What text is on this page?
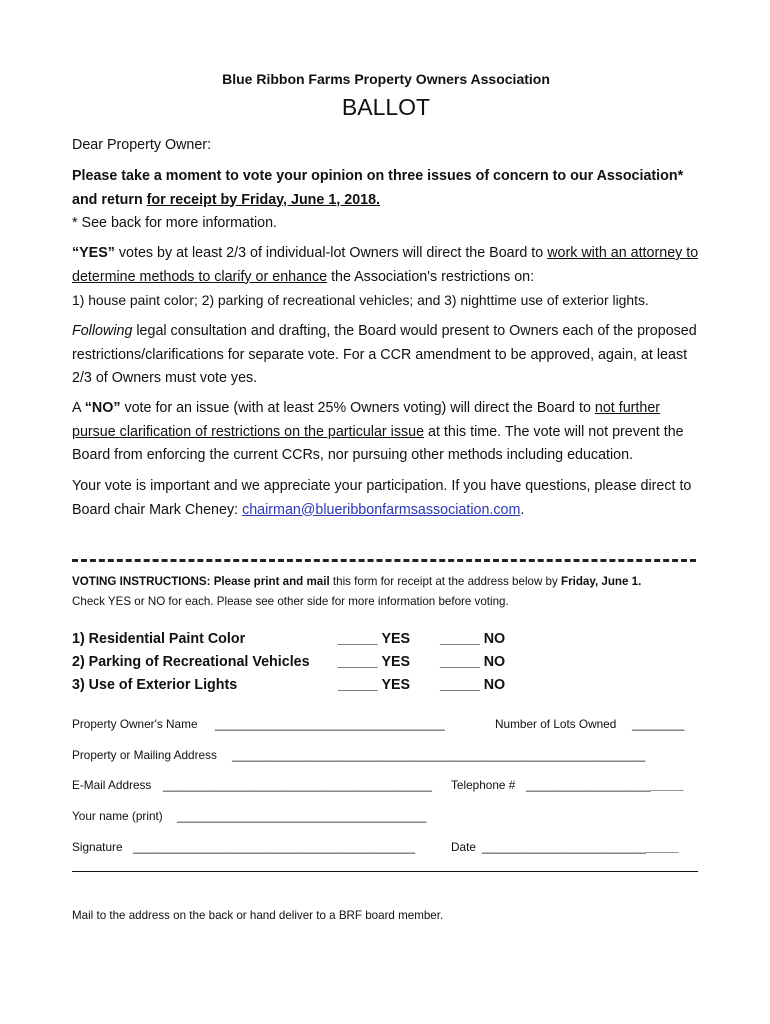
Blue Ribbon Farms Property Owners Association
BALLOT
Dear Property Owner:
Please take a moment to vote your opinion on three issues of concern to our Association* and return for receipt by Friday, June 1, 2018.
* See back for more information.
“YES” votes by at least 2/3 of individual-lot Owners will direct the Board to work with an attorney to determine methods to clarify or enhance the Association's restrictions on:
1) house paint color; 2) parking of recreational vehicles; and 3) nighttime use of exterior lights.
Following legal consultation and drafting, the Board would present to Owners each of the proposed restrictions/clarifications for separate vote. For a CCR amendment to be approved, again, at least 2/3 of Owners must vote yes.
A “NO” vote for an issue (with at least 25% Owners voting) will direct the Board to not further pursue clarification of restrictions on the particular issue at this time. The vote will not prevent the Board from enforcing the current CCRs, nor pursuing other methods including education.
Your vote is important and we appreciate your participation. If you have questions, please direct to Board chair Mark Cheney: chairman@blueribbonfarmsassociation.com.
VOTING INSTRUCTIONS: Please print and mail this form for receipt at the address below by Friday, June 1.
Check YES or NO for each. Please see other side for more information before voting.
1) Residential Paint Color	_____ YES _____ NO
2) Parking of Recreational Vehicles _____ YES _____ NO
3) Use of Exterior Lights	_____ YES _____ NO
Property Owner's Name ___________________________________	Number of Lots Owned ________
Property or Mailing Address _______________________________________________________________
E-Mail Address _________________________________________ Telephone # ________________________
Your name (print) ______________________________________
Signature ___________________________________________	Date ______________________________
Mail to the address on the back or hand deliver to a BRF board member.
